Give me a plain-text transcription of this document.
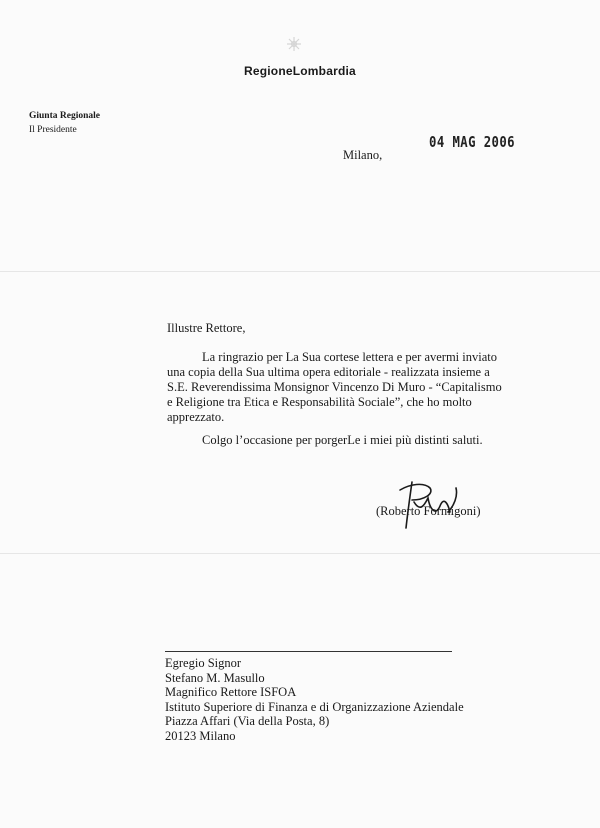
RegioneLombardia
Giunta Regionale
Il Presidente
Milano,
04 MAG 2006
Illustre Rettore,
La ringrazio per La Sua cortese lettera e per avermi inviato
una copia della Sua ultima opera editoriale - realizzata insieme a
S.E. Reverendissima Monsignor Vincenzo Di Muro - “Capitalismo
e Religione tra Etica e Responsabilità Sociale”, che ho molto
apprezzato.
Colgo l’occasione per porgerLe i miei più distinti saluti.
(Roberto Formigoni)
Egregio Signor
Stefano M. Masullo
Magnifico Rettore ISFOA
Istituto Superiore di Finanza e di Organizzazione Aziendale
Piazza Affari (Via della Posta, 8)
20123 Milano
